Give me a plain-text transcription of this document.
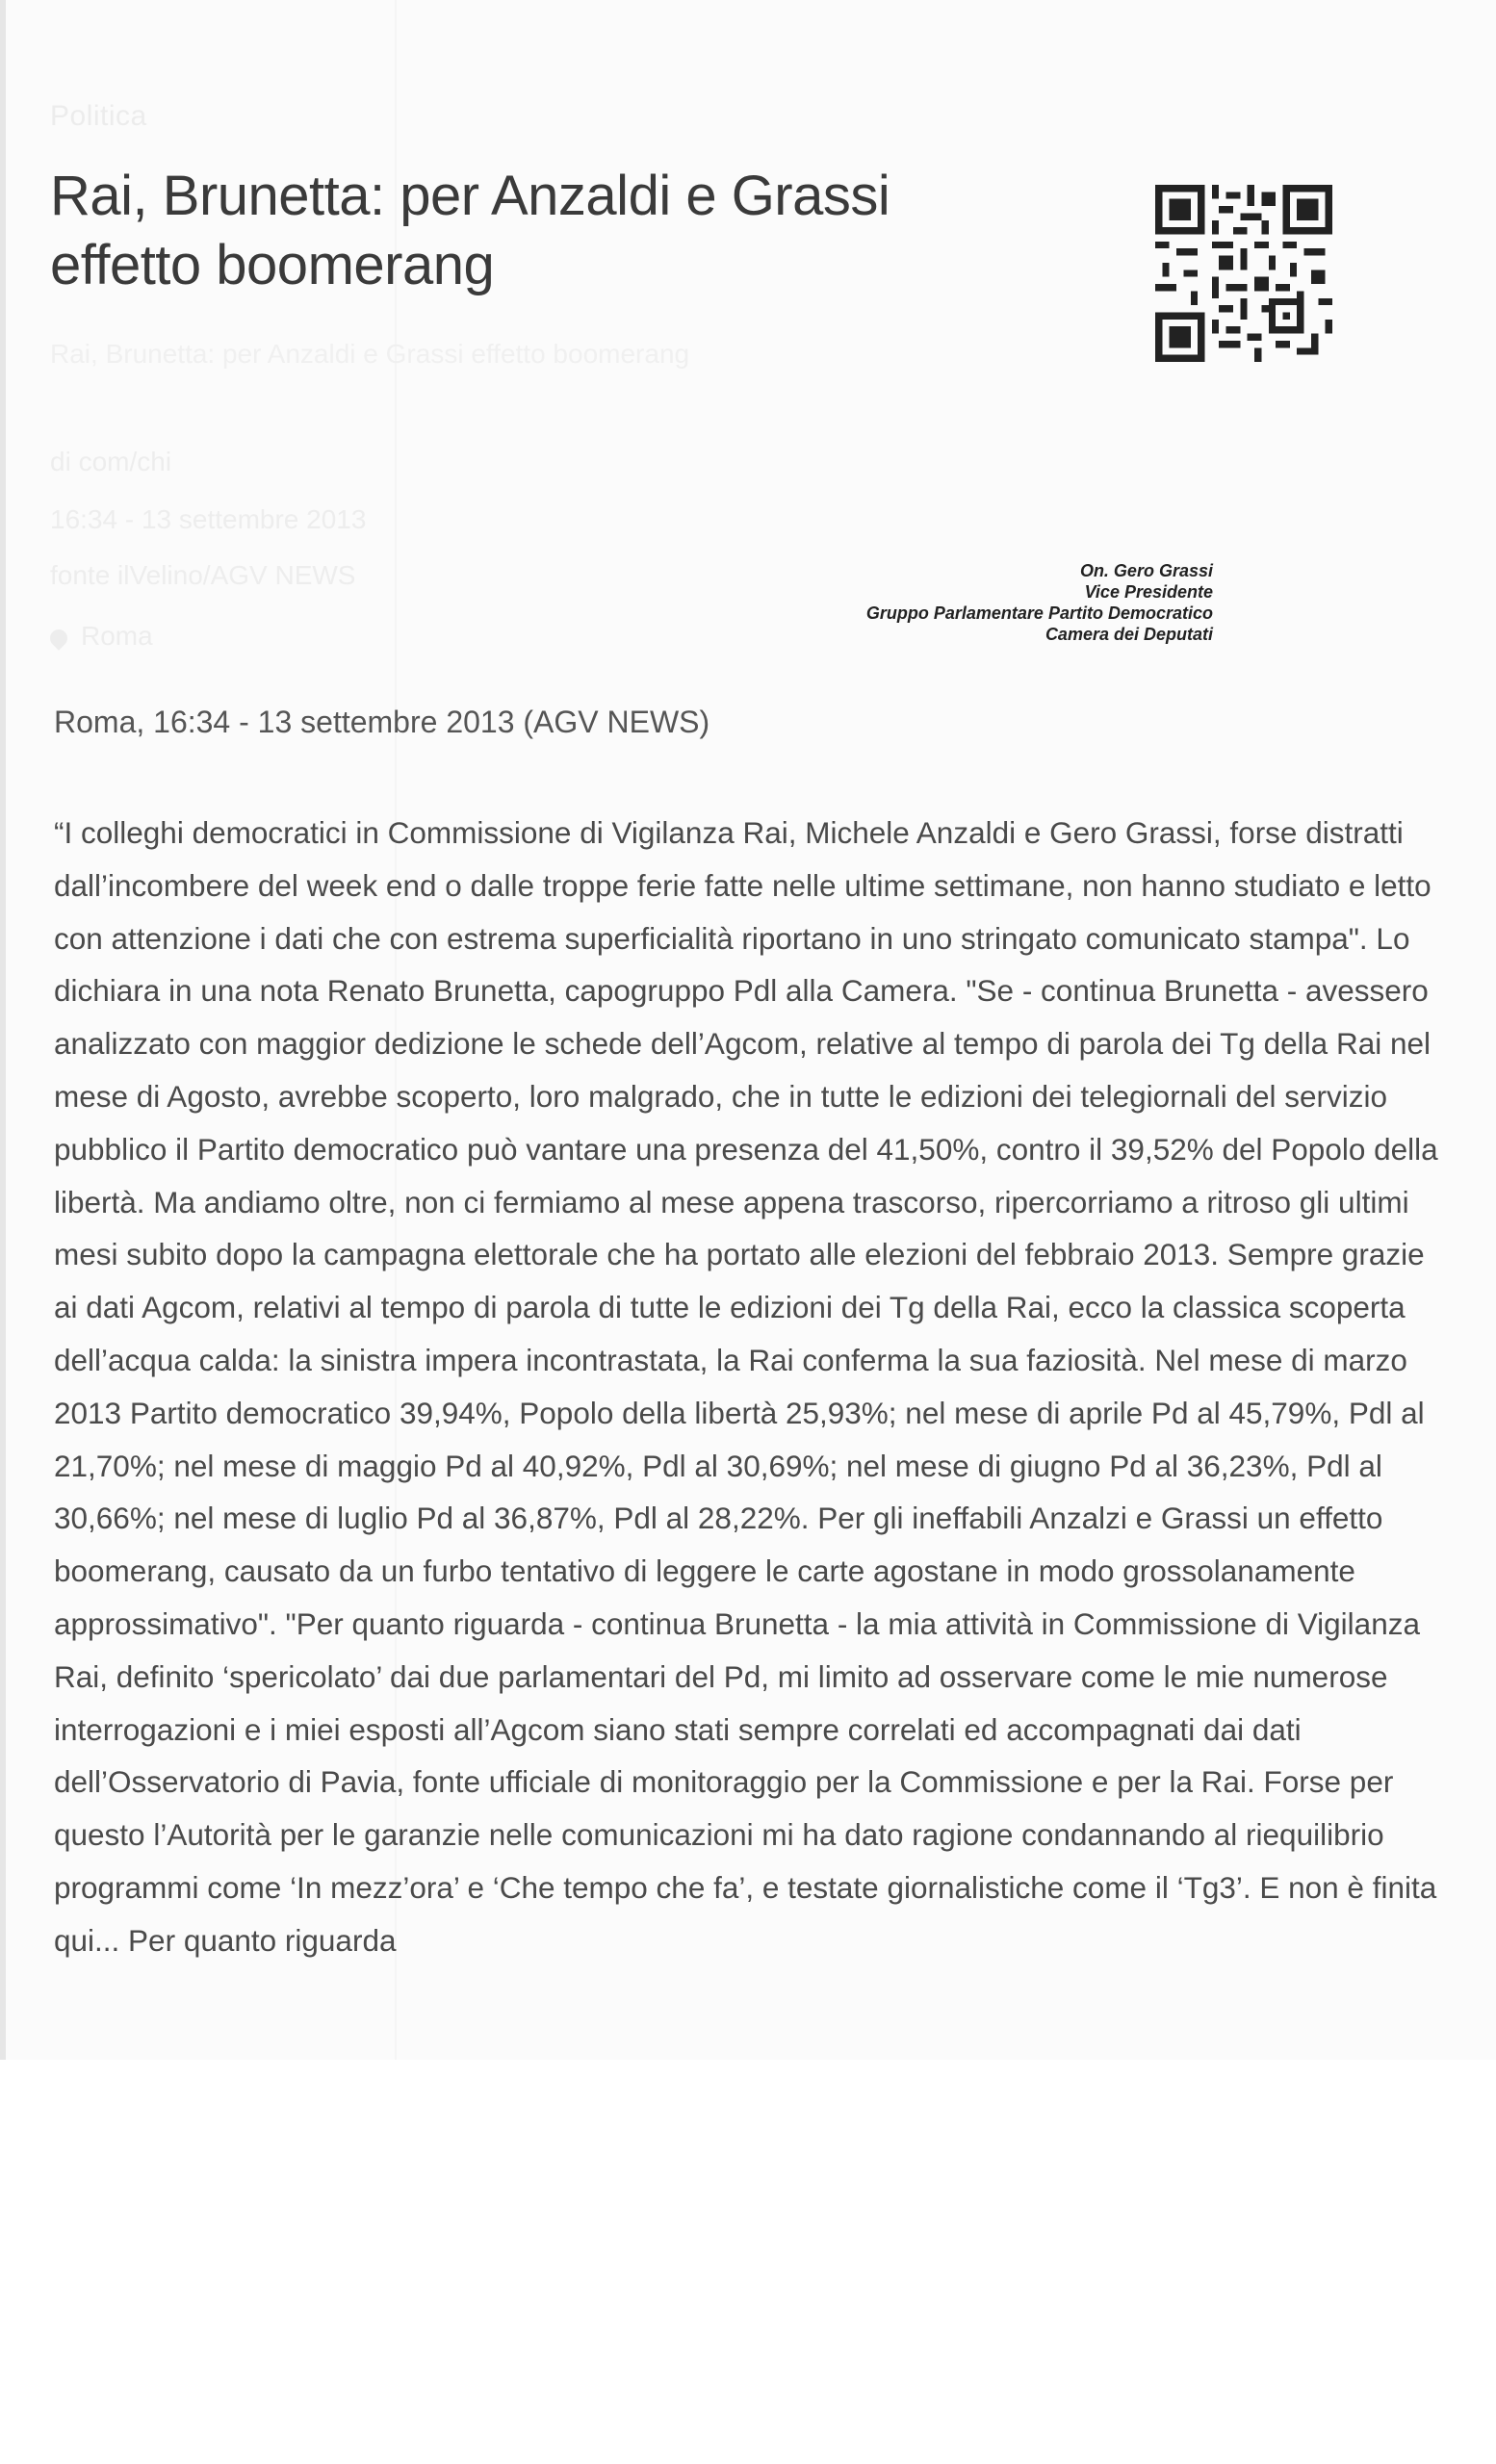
Politica
Rai, Brunetta: per Anzaldi e Grassi effetto boomerang
Rai, Brunetta: per Anzaldi e Grassi effetto boomerang
di com/chi
16:34 - 13 settembre 2013
fonte ilVelino/AGV NEWS
Roma
On. Gero Grassi
Vice Presidente
Gruppo Parlamentare Partito Democratico
Camera dei Deputati
Roma, 16:34 - 13 settembre 2013 (AGV NEWS)

“I colleghi democratici in Commissione di Vigilanza Rai, Michele Anzaldi e Gero Grassi, forse distratti dall’incombere del week end o dalle troppe ferie fatte nelle ultime settimane, non hanno studiato e letto con attenzione i dati che con estrema superficialità riportano in uno stringato comunicato stampa". Lo dichiara in una nota Renato Brunetta, capogruppo Pdl alla Camera. "Se - continua Brunetta - avessero analizzato con maggior dedizione le schede dell’Agcom, relative al tempo di parola dei Tg della Rai nel mese di Agosto, avrebbe scoperto, loro malgrado, che in tutte le edizioni dei telegiornali del servizio pubblico il Partito democratico può vantare una presenza del 41,50%, contro il 39,52% del Popolo della libertà. Ma andiamo oltre, non ci fermiamo al mese appena trascorso, ripercorriamo a ritroso gli ultimi mesi subito dopo la campagna elettorale che ha portato alle elezioni del febbraio 2013. Sempre grazie ai dati Agcom, relativi al tempo di parola di tutte le edizioni dei Tg della Rai, ecco la classica scoperta dell’acqua calda: la sinistra impera incontrastata, la Rai conferma la sua faziosità. Nel mese di marzo 2013 Partito democratico 39,94%, Popolo della libertà 25,93%; nel mese di aprile Pd al 45,79%, Pdl al 21,70%; nel mese di maggio Pd al 40,92%, Pdl al 30,69%; nel mese di giugno Pd al 36,23%, Pdl al 30,66%; nel mese di luglio Pd al 36,87%, Pdl al 28,22%. Per gli ineffabili Anzalzi e Grassi un effetto boomerang, causato da un furbo tentativo di leggere le carte agostane in modo grossolanamente approssimativo". "Per quanto riguarda - continua Brunetta - la mia attività in Commissione di Vigilanza Rai, definito ‘spericolato’ dai due parlamentari del Pd, mi limito ad osservare come le mie numerose interrogazioni e i miei esposti all’Agcom siano stati sempre correlati ed accompagnati dai dati dell’Osservatorio di Pavia, fonte ufficiale di monitoraggio per la Commissione e per la Rai. Forse per questo l’Autorità per le garanzie nelle comunicazioni mi ha dato ragione condannando al riequilibrio programmi come ‘In mezz’ora’ e ‘Che tempo che fa’, e testate giornalistiche come il ‘Tg3’. E non è finita qui... Per quanto riguarda
